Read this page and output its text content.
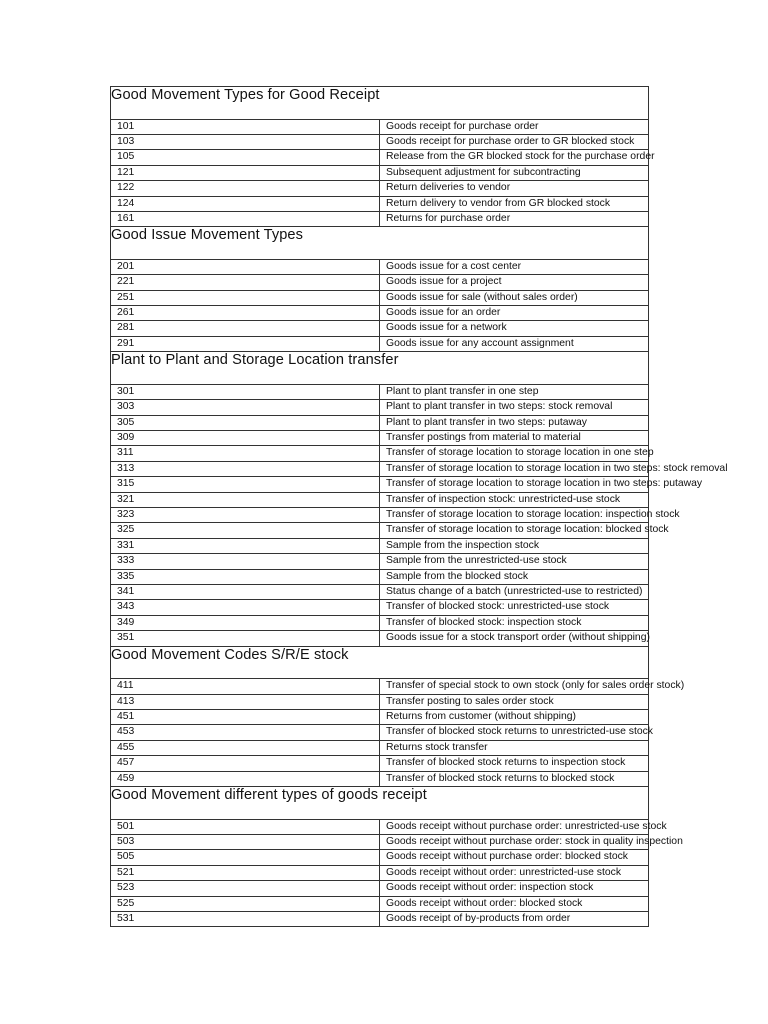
Good Movement Types for Good Receipt	
101	Goods receipt for purchase order
103	Goods receipt for purchase order to GR blocked stock
105	Release from the GR blocked stock for the purchase order
121	Subsequent adjustment for subcontracting
122	Return deliveries to vendor
124	Return delivery to vendor from GR blocked stock
161	Returns for purchase order
Good Issue Movement Types	
201	Goods issue for a cost center
221	Goods issue for a project
251	Goods issue for sale (without sales order)
261	Goods issue for an order
281	Goods issue for a network
291	Goods issue for any account assignment
Plant to Plant and Storage Location transfer	
301	Plant to plant transfer in one step
303	Plant to plant transfer in two steps: stock removal
305	Plant to plant transfer in two steps: putaway
309	Transfer postings from material to material
311	Transfer of storage location to storage location in one step
313	Transfer of storage location to storage location in two steps: stock removal
315	Transfer of storage location to storage location in two steps: putaway
321	Transfer of inspection stock: unrestricted-use stock
323	Transfer of storage location to storage location: inspection stock
325	Transfer of storage location to storage location: blocked stock
331	Sample from the inspection stock
333	Sample from the unrestricted-use stock
335	Sample from the blocked stock
341	Status change of a batch (unrestricted-use to restricted)
343	Transfer of blocked stock: unrestricted-use stock
349	Transfer of blocked stock: inspection stock
351	Goods issue for a stock transport order (without shipping)
Good Movement Codes S/R/E stock	
411	Transfer of special stock to own stock (only for sales order stock)
413	Transfer posting to sales order stock
451	Returns from customer (without shipping)
453	Transfer of blocked stock returns to unrestricted-use stock
455	Returns stock transfer
457	Transfer of blocked stock returns to inspection stock
459	Transfer of blocked stock returns to blocked stock
Good Movement different types of goods receipt	
501	Goods receipt without purchase order: unrestricted-use stock
503	Goods receipt without purchase order: stock in quality inspection
505	Goods receipt without purchase order: blocked stock
521	Goods receipt without order: unrestricted-use stock
523	Goods receipt without order: inspection stock
525	Goods receipt without order: blocked stock
531	Goods receipt of by-products from order
